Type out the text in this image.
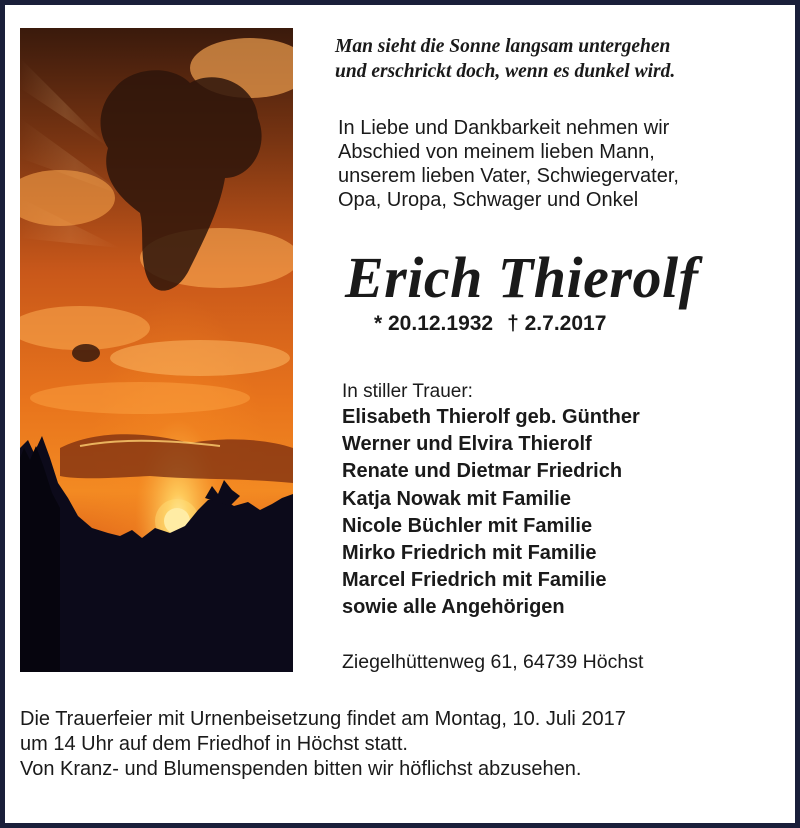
Man sieht die Sonne langsam untergehen
und erschrickt doch, wenn es dunkel wird.
In Liebe und Dankbarkeit nehmen wir
Abschied von meinem lieben Mann,
unserem lieben Vater, Schwiegervater,
Opa, Uropa, Schwager und Onkel
Erich Thierolf
* 20.12.1932 † 2.7.2017
In stiller Trauer:
Elisabeth Thierolf geb. Günther
Werner und Elvira Thierolf
Renate und Dietmar Friedrich
Katja Nowak mit Familie
Nicole Büchler mit Familie
Mirko Friedrich mit Familie
Marcel Friedrich mit Familie
sowie alle Angehörigen
Ziegelhüttenweg 61, 64739 Höchst
Die Trauerfeier mit Urnenbeisetzung findet am Montag, 10. Juli 2017
um 14 Uhr auf dem Friedhof in Höchst statt.
Von Kranz- und Blumenspenden bitten wir höflichst abzusehen.
